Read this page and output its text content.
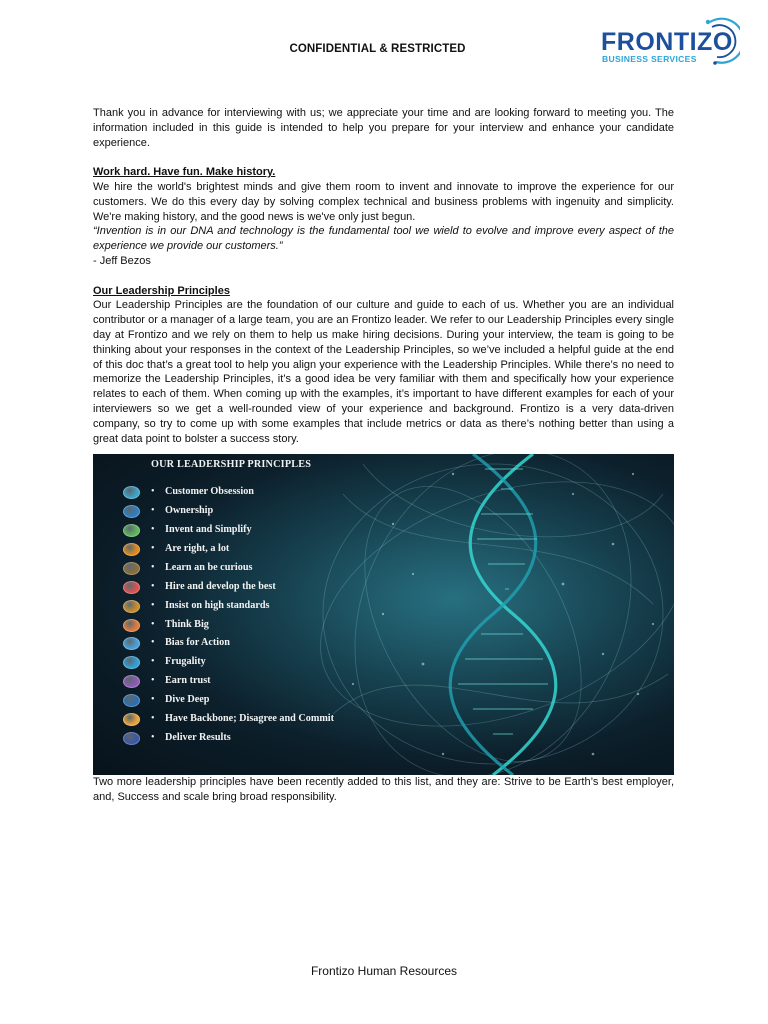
CONFIDENTIAL & RESTRICTED	FRONTIZO
BUSINESS SERVICES

Thank you in advance for interviewing with us; we appreciate your time and are looking forward to meeting you. The information included in this guide is intended to help you prepare for your interview and enhance your candidate experience.

Work hard. Have fun. Make history.

We hire the world's brightest minds and give them room to invent and innovate to improve the experience for our customers. We do this every day by solving complex technical and business problems with ingenuity and simplicity. We're making history, and the good news is we've only just begun.

“Invention is in our DNA and technology is the fundamental tool we wield to evolve and improve every aspect of the experience we provide our customers.”

- Jeff Bezos

Our Leadership Principles

Our Leadership Principles are the foundation of our culture and guide to each of us. Whether you are an individual contributor or a manager of a large team, you are an Frontizo leader. We refer to our Leadership Principles every single day at Frontizo and we rely on them to help us make hiring decisions. During your interview, the team is going to be thinking about your responses in the context of the Leadership Principles, so we’ve included a helpful guide at the end of this doc that’s a great tool to help you align your experience with the Leadership Principles. While there’s no need to memorize the Leadership Principles, it’s a good idea be very familiar with them and specifically how your experience relates to each of them. When coming up with the examples, it’s important to have different examples for each of your interviewers so we get a well-rounded view of your experience and background. Frontizo is a very data-driven company, so try to come up with some examples that include metrics or data as there’s nothing better than using a great data point to bolster a success story.

OUR LEADERSHIP PRINCIPLES
• Customer Obsession
• Ownership
• Invent and Simplify
• Are right, a lot
• Learn an be curious
• Hire and develop the best
• Insist on high standards
• Think Big
• Bias for Action
• Frugality
• Earn trust
• Dive Deep
• Have Backbone; Disagree and Commit
• Deliver Results

Two more leadership principles have been recently added to this list, and they are: Strive to be Earth’s best employer, and, Success and scale bring broad responsibility.

Frontizo Human Resources
